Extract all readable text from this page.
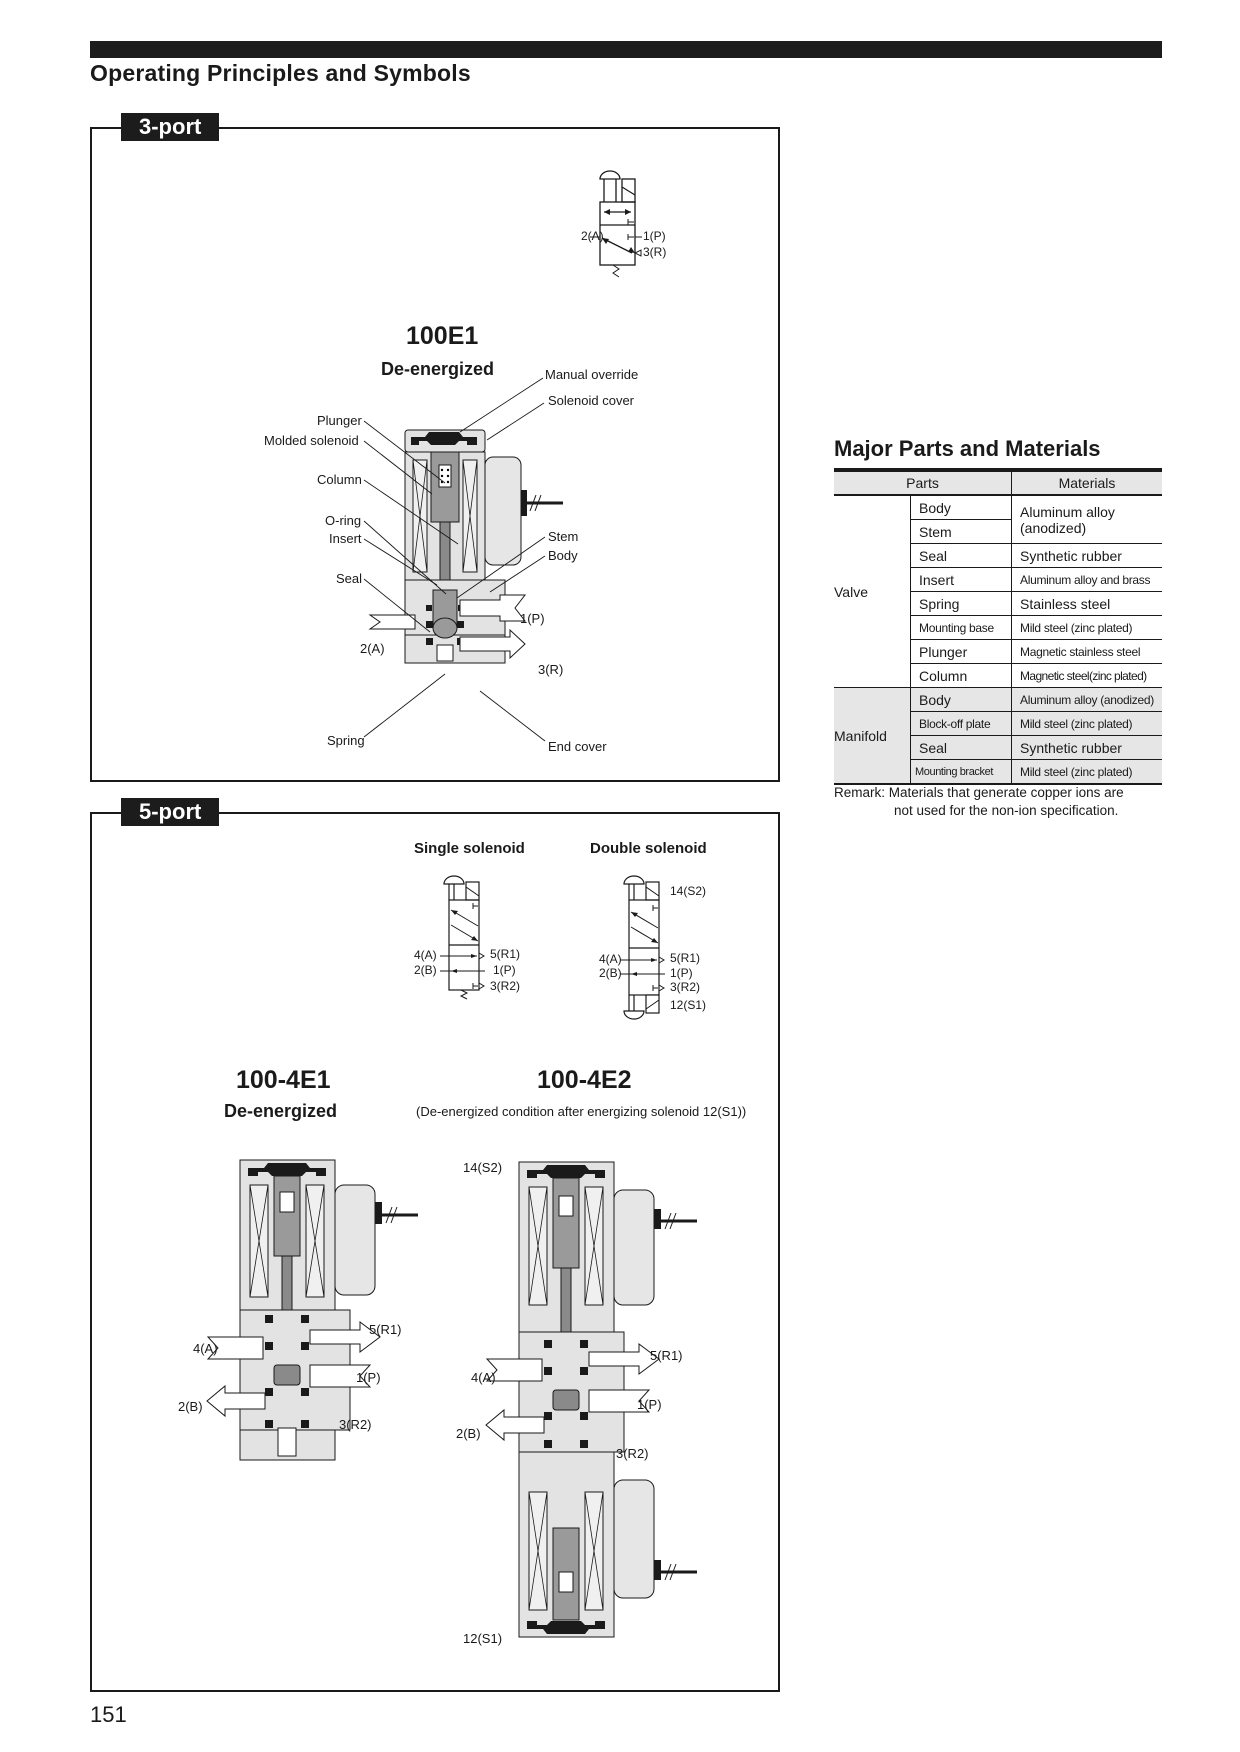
Operating Principles and Symbols
3-port
2(A)	1(P)
3(R)
100E1
De-energized	Manual override
Solenoid cover
Plunger
Molded solenoid
Column
O-ring
Insert
Seal
Stem
Body
1(P)
2(A)
3(R)
Spring	End cover
5-port
Single solenoid	Double solenoid
4(A)
2(B)
5(R1)
1(P)
3(R2)
14(S2)
4(A)
2(B)
5(R1)
1(P)
3(R2)
12(S1)
100-4E1
De-energized
100-4E2
(De-energized condition after energizing solenoid 12(S1))
5(R1)
4(A)
1(P)
2(B)
3(R2)
14(S2)
5(R1)
4(A)
1(P)
2(B)
3(R2)
12(S1)
Major Parts and Materials
Parts		Materials
Valve	Body	Aluminum alloy (anodized)
	Stem	
	Seal	Synthetic rubber
	Insert	Aluminum alloy and brass
	Spring	Stainless steel
	Mounting base	Mild steel (zinc plated)
	Plunger	Magnetic stainless steel
	Column	Magnetic steel(zinc plated)
Manifold	Body	Aluminum alloy (anodized)
	Block-off plate	Mild steel (zinc plated)
	Seal	Synthetic rubber
	Mounting bracket	Mild steel (zinc plated)
Remark: Materials that generate copper ions are
not used for the non-ion specification.
151
